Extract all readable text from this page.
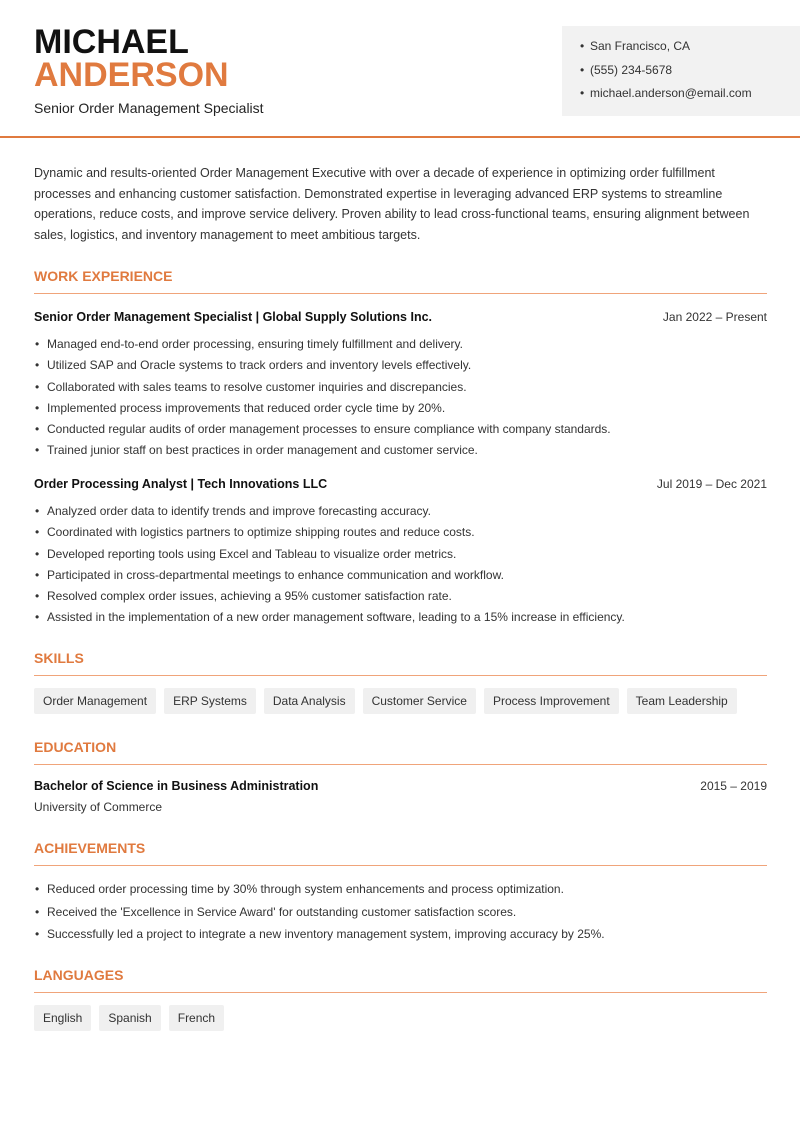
MICHAEL
ANDERSON
Senior Order Management Specialist
• San Francisco, CA
• (555) 234-5678
• michael.anderson@email.com

Dynamic and results-oriented Order Management Executive with over a decade of experience in optimizing order fulfillment processes and enhancing customer satisfaction. Demonstrated expertise in leveraging advanced ERP systems to streamline operations, reduce costs, and improve service delivery. Proven ability to lead cross-functional teams, ensuring alignment between sales, logistics, and inventory management to meet ambitious targets.

WORK EXPERIENCE
Senior Order Management Specialist | Global Supply Solutions Inc.	Jan 2022 – Present
• Managed end-to-end order processing, ensuring timely fulfillment and delivery.
• Utilized SAP and Oracle systems to track orders and inventory levels effectively.
• Collaborated with sales teams to resolve customer inquiries and discrepancies.
• Implemented process improvements that reduced order cycle time by 20%.
• Conducted regular audits of order management processes to ensure compliance with company standards.
• Trained junior staff on best practices in order management and customer service.
Order Processing Analyst | Tech Innovations LLC	Jul 2019 – Dec 2021
• Analyzed order data to identify trends and improve forecasting accuracy.
• Coordinated with logistics partners to optimize shipping routes and reduce costs.
• Developed reporting tools using Excel and Tableau to visualize order metrics.
• Participated in cross-departmental meetings to enhance communication and workflow.
• Resolved complex order issues, achieving a 95% customer satisfaction rate.
• Assisted in the implementation of a new order management software, leading to a 15% increase in efficiency.
SKILLS
Order Management	ERP Systems	Data Analysis	Customer Service	Process Improvement	Team Leadership
EDUCATION
Bachelor of Science in Business Administration	2015 – 2019
University of Commerce
ACHIEVEMENTS
• Reduced order processing time by 30% through system enhancements and process optimization.
• Received the 'Excellence in Service Award' for outstanding customer satisfaction scores.
• Successfully led a project to integrate a new inventory management system, improving accuracy by 25%.
LANGUAGES
English	Spanish	French
